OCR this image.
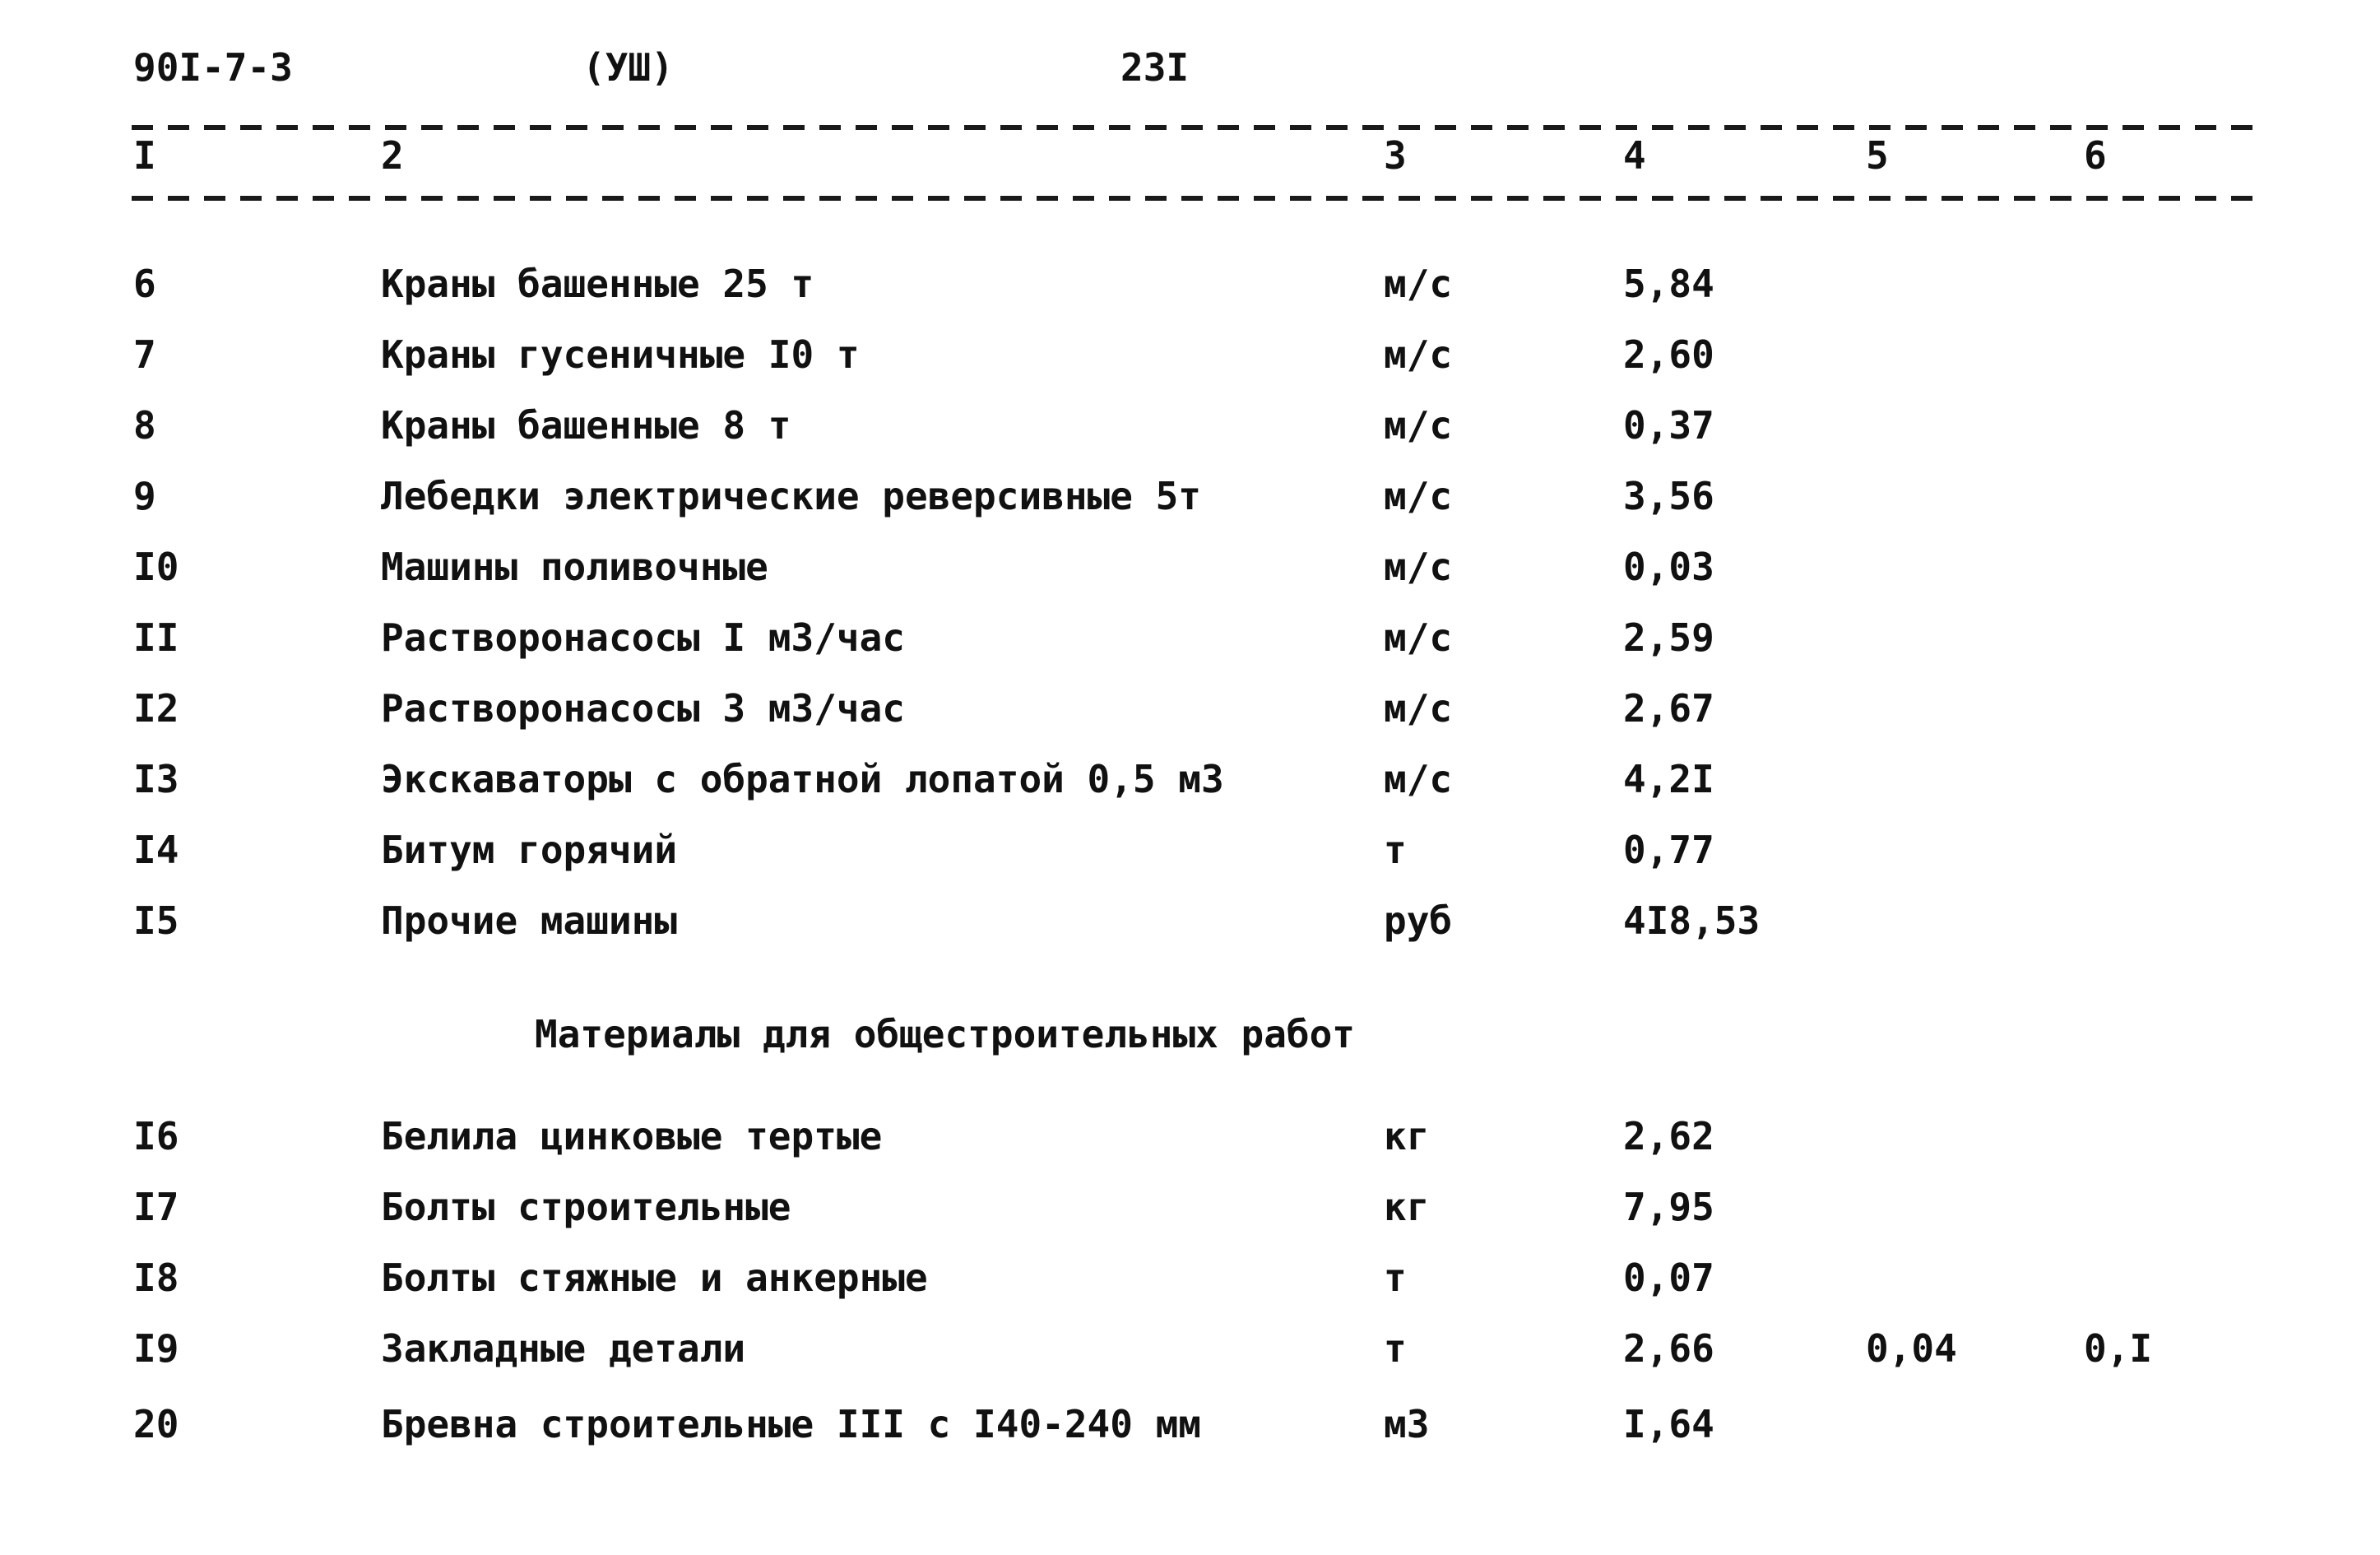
90I-7-3	(УШ)	23I
I	2	3	4	5	6
6	Краны башенные 25 т	м/с	5,84
7	Краны гусеничные I0 т	м/с	2,60
8	Краны башенные 8 т	м/с	0,37
9	Лебедки электрические реверсивные 5т	м/с	3,56
I0	Машины поливочные	м/с	0,03
II	Растворонасосы I м3/час	м/с	2,59
I2	Растворонасосы 3 м3/час	м/с	2,67
I3	Экскаваторы с обратной лопатой 0,5 м3	м/с	4,2I
I4	Битум горячий	т	0,77
I5	Прочие машины	руб	4I8,53
Материалы для общестроительных работ
I6	Белила цинковые тертые	кг	2,62
I7	Болты строительные	кг	7,95
I8	Болты стяжные и анкерные	т	0,07
I9	Закладные детали	т	2,66	0,04	0,I
20	Бревна строительные III с I40-240 мм	м3	I,64
